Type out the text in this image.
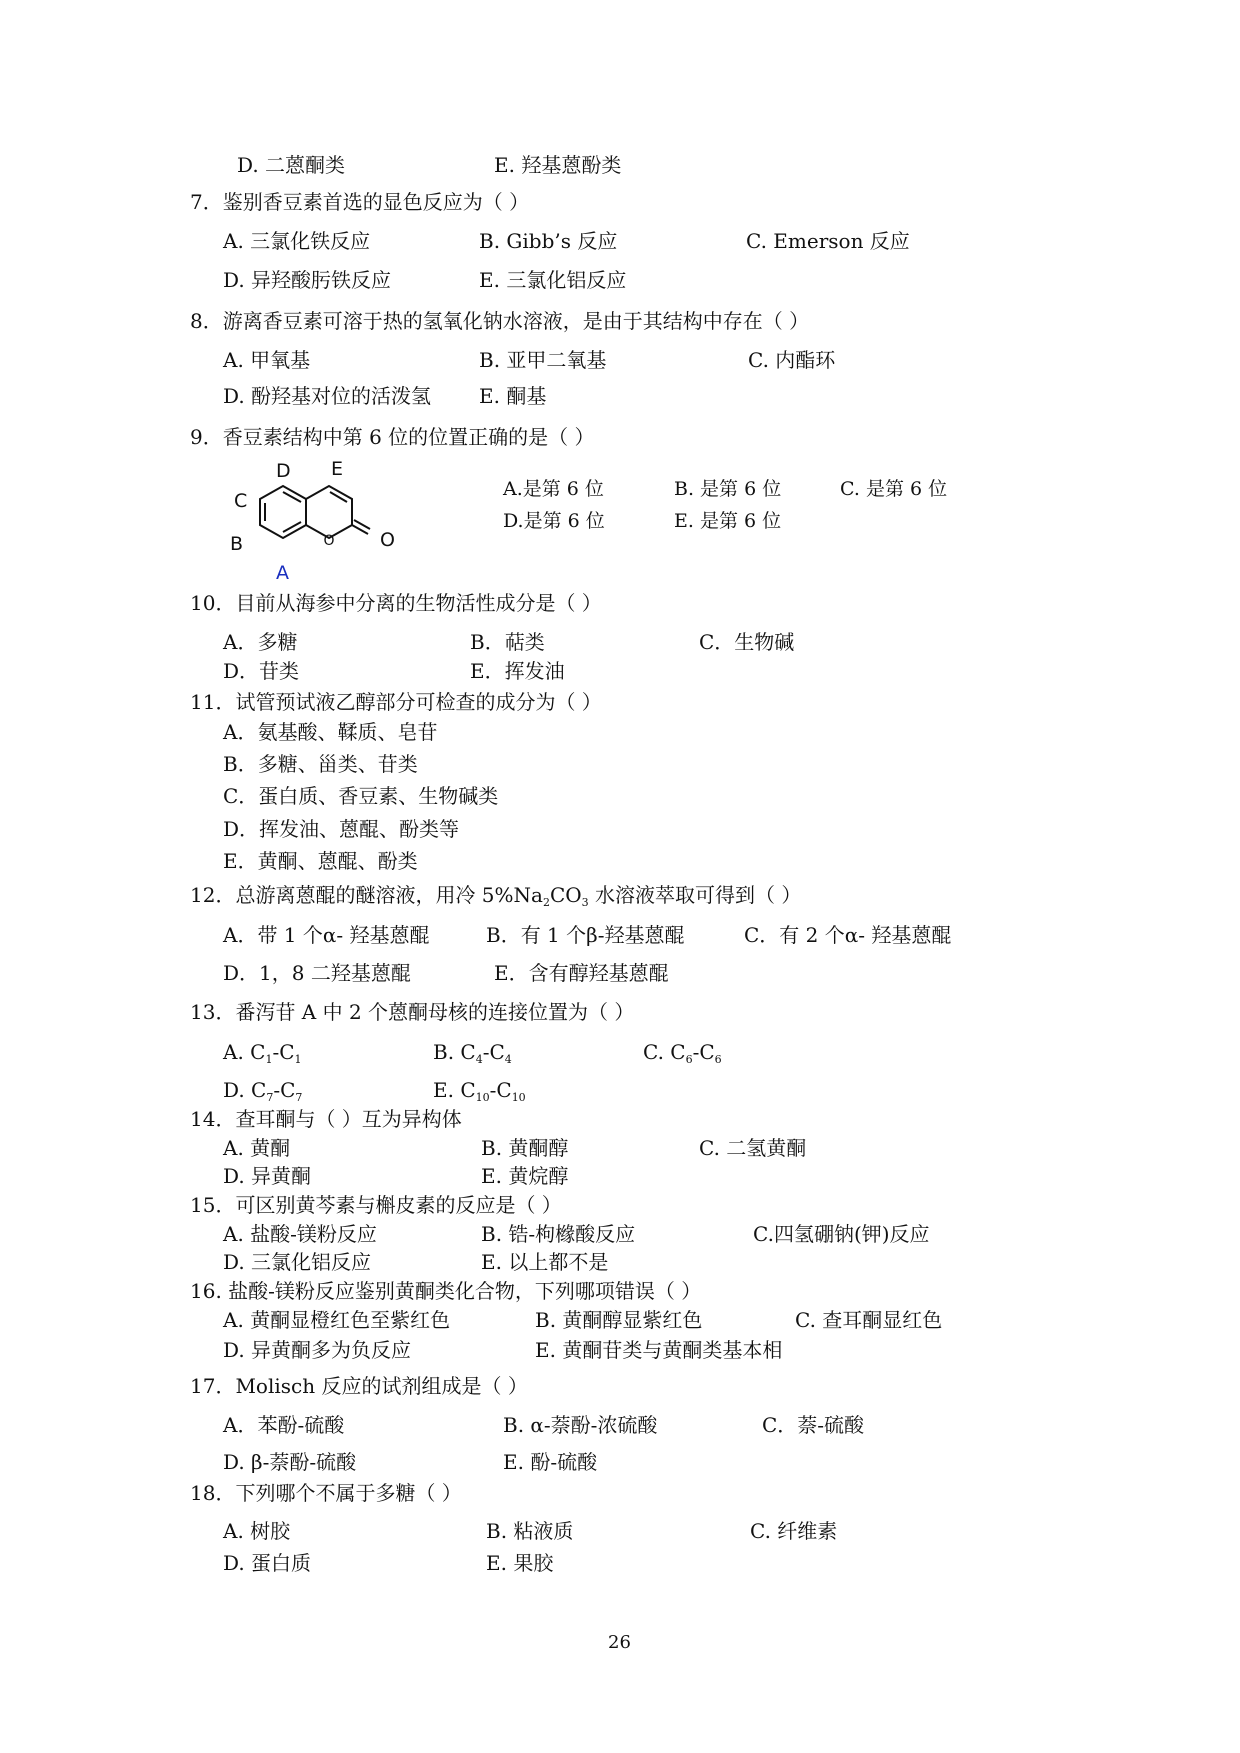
D. 二蒽酮类	E. 羟基蒽酚类
7．鉴别香豆素首选的显色反应为（ ）
A. 三氯化铁反应	B. Gibb’s 反应	C. Emerson 反应
D. 异羟酸肟铁反应	E. 三氯化铝反应
8．游离香豆素可溶于热的氢氧化钠水溶液，是由于其结构中存在（ ）
A. 甲氧基	B. 亚甲二氧基	C. 内酯环
D. 酚羟基对位的活泼氢 E. 酮基
9．香豆素结构中第 6 位的位置正确的是（ ）
O O
D E
C
B
A
A.是第 6 位	B. 是第 6 位	C. 是第 6 位
D.是第 6 位	E. 是第 6 位
10．目前从海参中分离的生物活性成分是（ ）
A．多糖	B．萜类	C．生物碱
D．苷类	E．挥发油
11．试管预试液乙醇部分可检查的成分为（ ）
A．氨基酸、鞣质、皂苷
B．多糖、甾类、苷类
C．蛋白质、香豆素、生物碱类
D．挥发油、蒽醌、酚类等
E．黄酮、蒽醌、酚类
12．总游离蒽醌的醚溶液，用冷 $5\%Na_2CO_3$ 水溶液萃取可得到（ ）
A．带 1 个α- 羟基蒽醌	B．有 1 个β-羟基蒽醌	C．有 2 个α- 羟基蒽醌
D．1，8 二羟基蒽醌	E．含有醇羟基蒽醌
13．番泻苷 A 中 2 个蒽酮母核的连接位置为（ ）
A. $C_1-C_1$	B. $C_4-C_4$	C. $C_6-C_6$
D. $C_7-C_7$	E. $C_{10}-C_{10}$
14．查耳酮与（ ）互为异构体
A. 黄酮	B. 黄酮醇	C. 二氢黄酮
D. 异黄酮	E. 黄烷醇
15．可区别黄芩素与槲皮素的反应是（ ）
A. 盐酸-镁粉反应	B. 锆-枸橼酸反应	C.四氢硼钠(钾)反应
D. 三氯化铝反应	E. 以上都不是
16. 盐酸-镁粉反应鉴别黄酮类化合物，下列哪项错误（ ）
A. 黄酮显橙红色至紫红色	B. 黄酮醇显紫红色	C. 查耳酮显红色
D. 异黄酮多为负反应	E. 黄酮苷类与黄酮类基本相
17．Molisch 反应的试剂组成是（ ）
A．苯酚-硫酸	B. α-萘酚-浓硫酸	C．萘-硫酸
D. β-萘酚-硫酸	E. 酚-硫酸
18．下列哪个不属于多糖（ ）
A. 树胶	B. 粘液质	C. 纤维素
D. 蛋白质	E. 果胶
26
